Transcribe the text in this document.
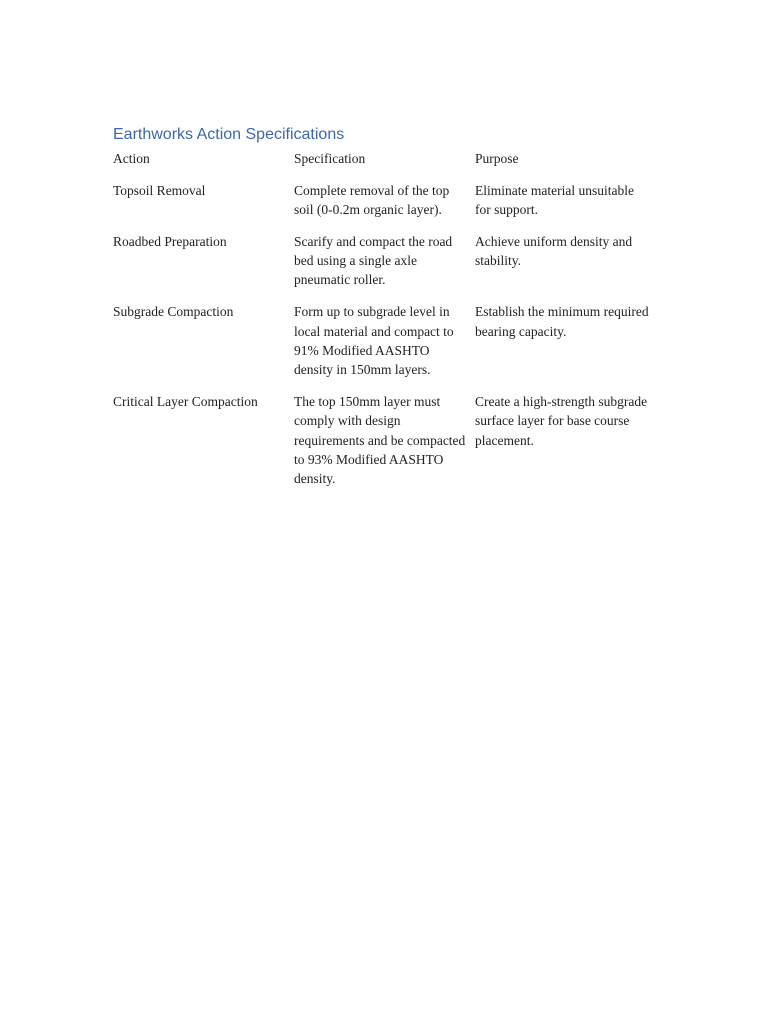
Earthworks Action Specifications
Action	Specification	Purpose
Topsoil Removal	Complete removal of the top soil (0-0.2m organic layer).	Eliminate material unsuitable for support.
Roadbed Preparation	Scarify and compact the road bed using a single axle pneumatic roller.	Achieve uniform density and stability.
Subgrade Compaction	Form up to subgrade level in local material and compact to 91% Modified AASHTO density in 150mm layers.	Establish the minimum required bearing capacity.
Critical Layer Compaction	The top 150mm layer must comply with design requirements and be compacted to 93% Modified AASHTO density.	Create a high-strength subgrade surface layer for base course placement.
